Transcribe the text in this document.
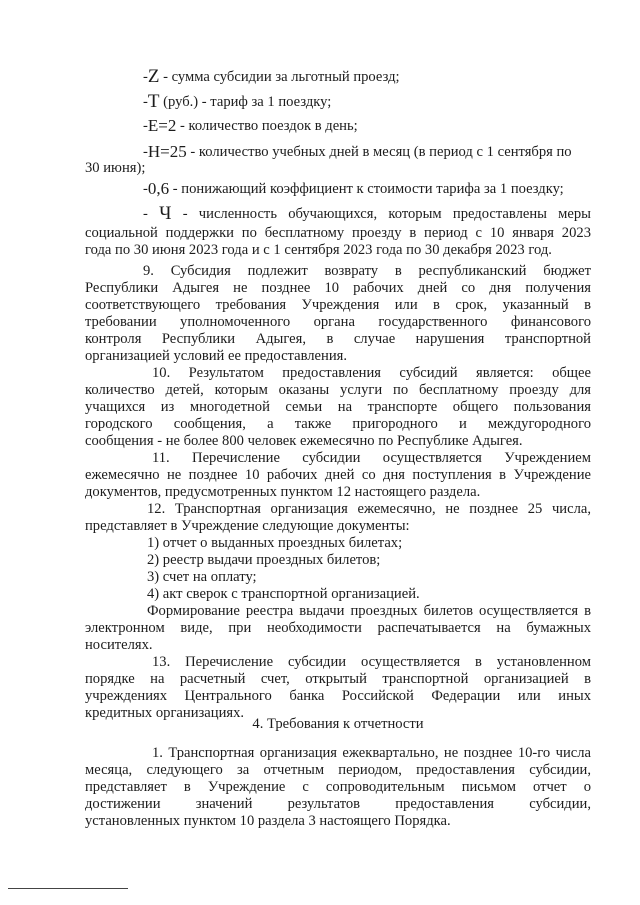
-Z - сумма субсидии за льготный проезд;
-Т (руб.) - тариф за 1 поездку;
-Е=2 - количество поездок в день;
-Н=25 - количество учебных дней в месяц (в период с 1 сентября по
30 июня);
-0,6 - понижающий коэффициент к стоимости тарифа за 1 поездку;
- Ч - численность обучающихся, которым предоставлены меры
социальной поддержки по бесплатному проезду в период с 10 января 2023
года по 30 июня 2023 года и с 1 сентября 2023 года по 30 декабря 2023 год.
9. Субсидия подлежит возврату в республиканский бюджет
Республики Адыгея не позднее 10 рабочих дней со дня получения
соответствующего требования Учреждения или в срок, указанный в
требовании уполномоченного органа государственного финансового
контроля Республики Адыгея, в случае нарушения транспортной
организацией условий ее предоставления.
10. Результатом предоставления субсидий является: общее
количество детей, которым оказаны услуги по бесплатному проезду для
учащихся из многодетной семьи на транспорте общего пользования
городского сообщения, а также пригородного и междугородного
сообщения - не более 800 человек ежемесячно по Республике Адыгея.
11. Перечисление субсидии осуществляется Учреждением
ежемесячно не позднее 10 рабочих дней со дня поступления в Учреждение
документов, предусмотренных пунктом 12 настоящего раздела.
12. Транспортная организация ежемесячно, не позднее 25 числа,
представляет в Учреждение следующие документы:
1) отчет о выданных проездных билетах;
2) реестр выдачи проездных билетов;
3) счет на оплату;
4) акт сверок с транспортной организацией.
Формирование реестра выдачи проездных билетов осуществляется в
электронном виде, при необходимости распечатывается на бумажных
носителях.
13. Перечисление субсидии осуществляется в установленном
порядке на расчетный счет, открытый транспортной организацией в
учреждениях Центрального банка Российской Федерации или иных
кредитных организациях.
4. Требования к отчетности
1. Транспортная организация ежеквартально, не позднее 10-го числа
месяца, следующего за отчетным периодом, предоставления субсидии,
представляет в Учреждение с сопроводительным письмом отчет о
достижении значений результатов предоставления субсидии,
установленных пунктом 10 раздела 3 настоящего Порядка.
